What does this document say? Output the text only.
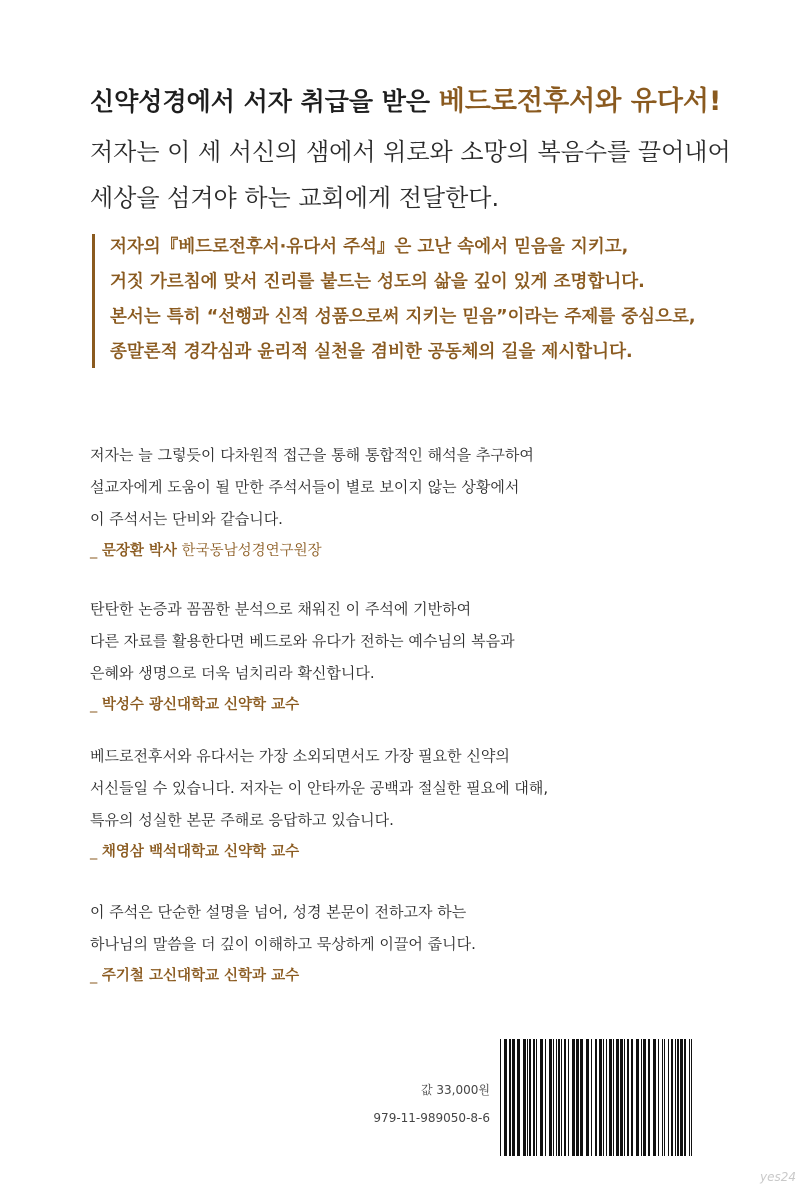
신약성경에서 서자 취급을 받은 베드로전후서와 유다서!
저자는 이 세 서신의 샘에서 위로와 소망의 복음수를 끌어내어
세상을 섬겨야 하는 교회에게 전달한다.
저자의『베드로전후서·유다서 주석』은 고난 속에서 믿음을 지키고,
거짓 가르침에 맞서 진리를 붙드는 성도의 삶을 깊이 있게 조명합니다.
본서는 특히 “선행과 신적 성품으로써 지키는 믿음”이라는 주제를 중심으로,
종말론적 경각심과 윤리적 실천을 겸비한 공동체의 길을 제시합니다.
저자는 늘 그렇듯이 다차원적 접근을 통해 통합적인 해석을 추구하여
설교자에게 도움이 될 만한 주석서들이 별로 보이지 않는 상황에서
이 주석서는 단비와 같습니다.
_ 문장환 박사 한국동남성경연구원장
탄탄한 논증과 꼼꼼한 분석으로 채워진 이 주석에 기반하여
다른 자료를 활용한다면 베드로와 유다가 전하는 예수님의 복음과
은혜와 생명으로 더욱 넘치리라 확신합니다.
_ 박성수 광신대학교 신약학 교수
베드로전후서와 유다서는 가장 소외되면서도 가장 필요한 신약의
서신들일 수 있습니다. 저자는 이 안타까운 공백과 절실한 필요에 대해,
특유의 성실한 본문 주해로 응답하고 있습니다.
_ 채영삼 백석대학교 신약학 교수
이 주석은 단순한 설명을 넘어, 성경 본문이 전하고자 하는
하나님의 말씀을 더 깊이 이해하고 묵상하게 이끌어 줍니다.
_ 주기철 고신대학교 신학과 교수
값 33,000원
979-11-989050-8-6
yes24
